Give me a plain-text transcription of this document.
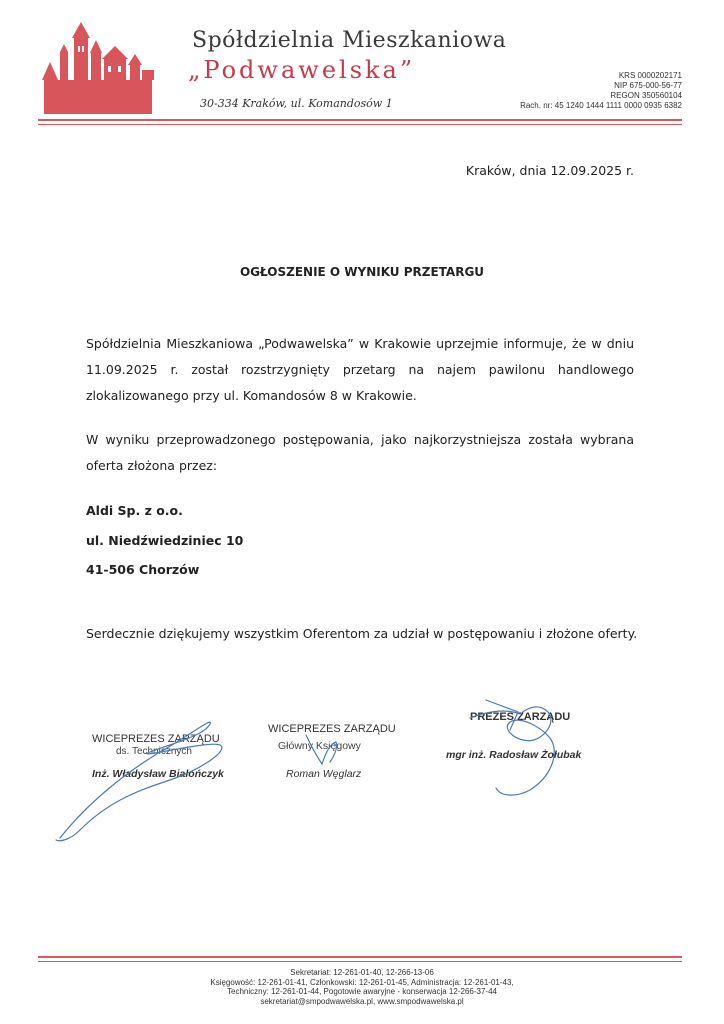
Spółdzielnia Mieszkaniowa
„Podwawelska”
30-334 Kraków, ul. Komandosów 1
KRS 0000202171
NIP 675-000-56-77
REGON 350560104
Rach. nr: 45 1240 1444 1111 0000 0935 6382
Kraków, dnia 12.09.2025 r.
OGŁOSZENIE O WYNIKU PRZETARGU
Spółdzielnia Mieszkaniowa „Podwawelska” w Krakowie uprzejmie informuje, że w dniu 11.09.2025 r. został rozstrzygnięty przetarg na najem pawilonu handlowego zlokalizowanego przy ul. Komandosów 8 w Krakowie.
W wyniku przeprowadzonego postępowania, jako najkorzystniejsza została wybrana oferta złożona przez:
Aldi Sp. z o.o.
ul. Niedźwiedziniec 10
41-506 Chorzów
Serdecznie dziękujemy wszystkim Oferentom za udział w postępowaniu i złożone oferty.
WICEPREZES ZARZĄDU
ds. Technicznych
Inż. Władysław Białończyk
WICEPREZES ZARZĄDU
Główny Księgowy
Roman Węglarz
PREZES ZARZĄDU
mgr inż. Radosław Żołubak
Sekretariat: 12-261-01-40, 12-266-13-06
Księgowość: 12-261-01-41, Członkowski: 12-261-01-45, Administracja: 12-261-01-43,
Techniczny: 12-261-01-44, Pogotowie awaryjne - konserwacja 12-266-37-44
sekretariat@smpodwawelska.pl, www.smpodwawelska.pl
